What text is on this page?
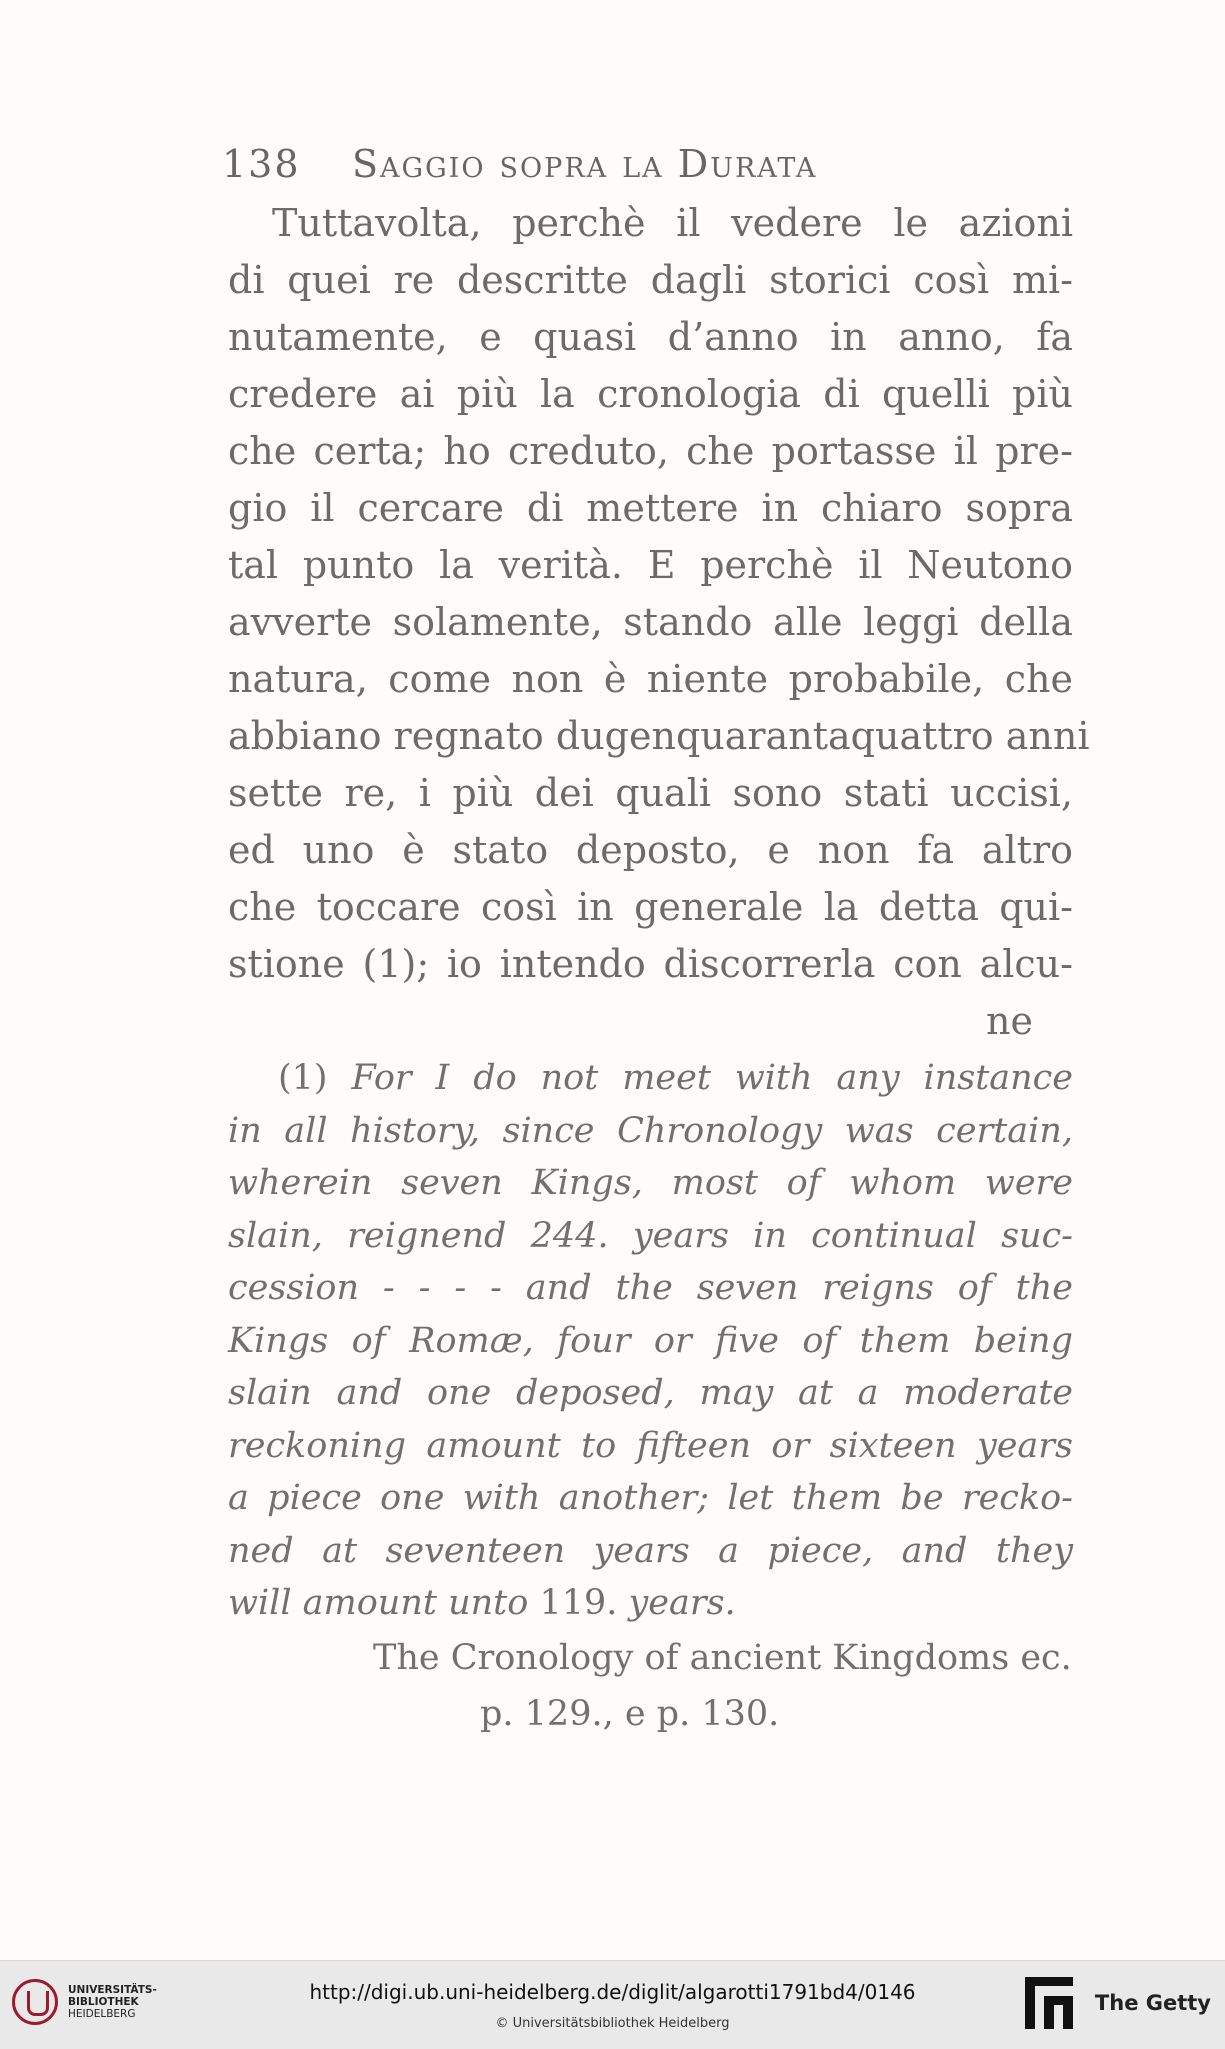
138 Saggio sopra la Durata
Tuttavolta, perchè il vedere le azioni
di quei re descritte dagli storici così mi-
nutamente, e quasi d’anno in anno, fa
credere ai più la cronologia di quelli più
che certa; ho creduto, che portasse il pre-
gio il cercare di mettere in chiaro sopra
tal punto la verità. E perchè il Neutono
avverte solamente, stando alle leggi della
natura, come non è niente probabile, che
abbiano regnato dugenquarantaquattro anni
sette re, i più dei quali sono stati uccisi,
ed uno è stato deposto, e non fa altro
che toccare così in generale la detta qui-
stione (1); io intendo discorrerla con alcu-
ne
(1) For I do not meet with any instance
in all history, since Chronology was certain,
wherein seven Kings, most of whom were
slain, reignend 244. years in continual suc-
cession - - - - and the seven reigns of the
Kings of Romæ, four or five of them being
slain and one deposed, may at a moderate
reckoning amount to fifteen or sixteen years
a piece one with another; let them be recko-
ned at seventeen years a piece, and they
will amount unto 119. years.
The Cronology of ancient Kingdoms ec.
p. 129., e p. 130.
UNIVERSITÄTS-
BIBLIOTHEK
HEIDELBERG
http://digi.ub.uni-heidelberg.de/diglit/algarotti1791bd4/0146
© Universitätsbibliothek Heidelberg
The Getty
